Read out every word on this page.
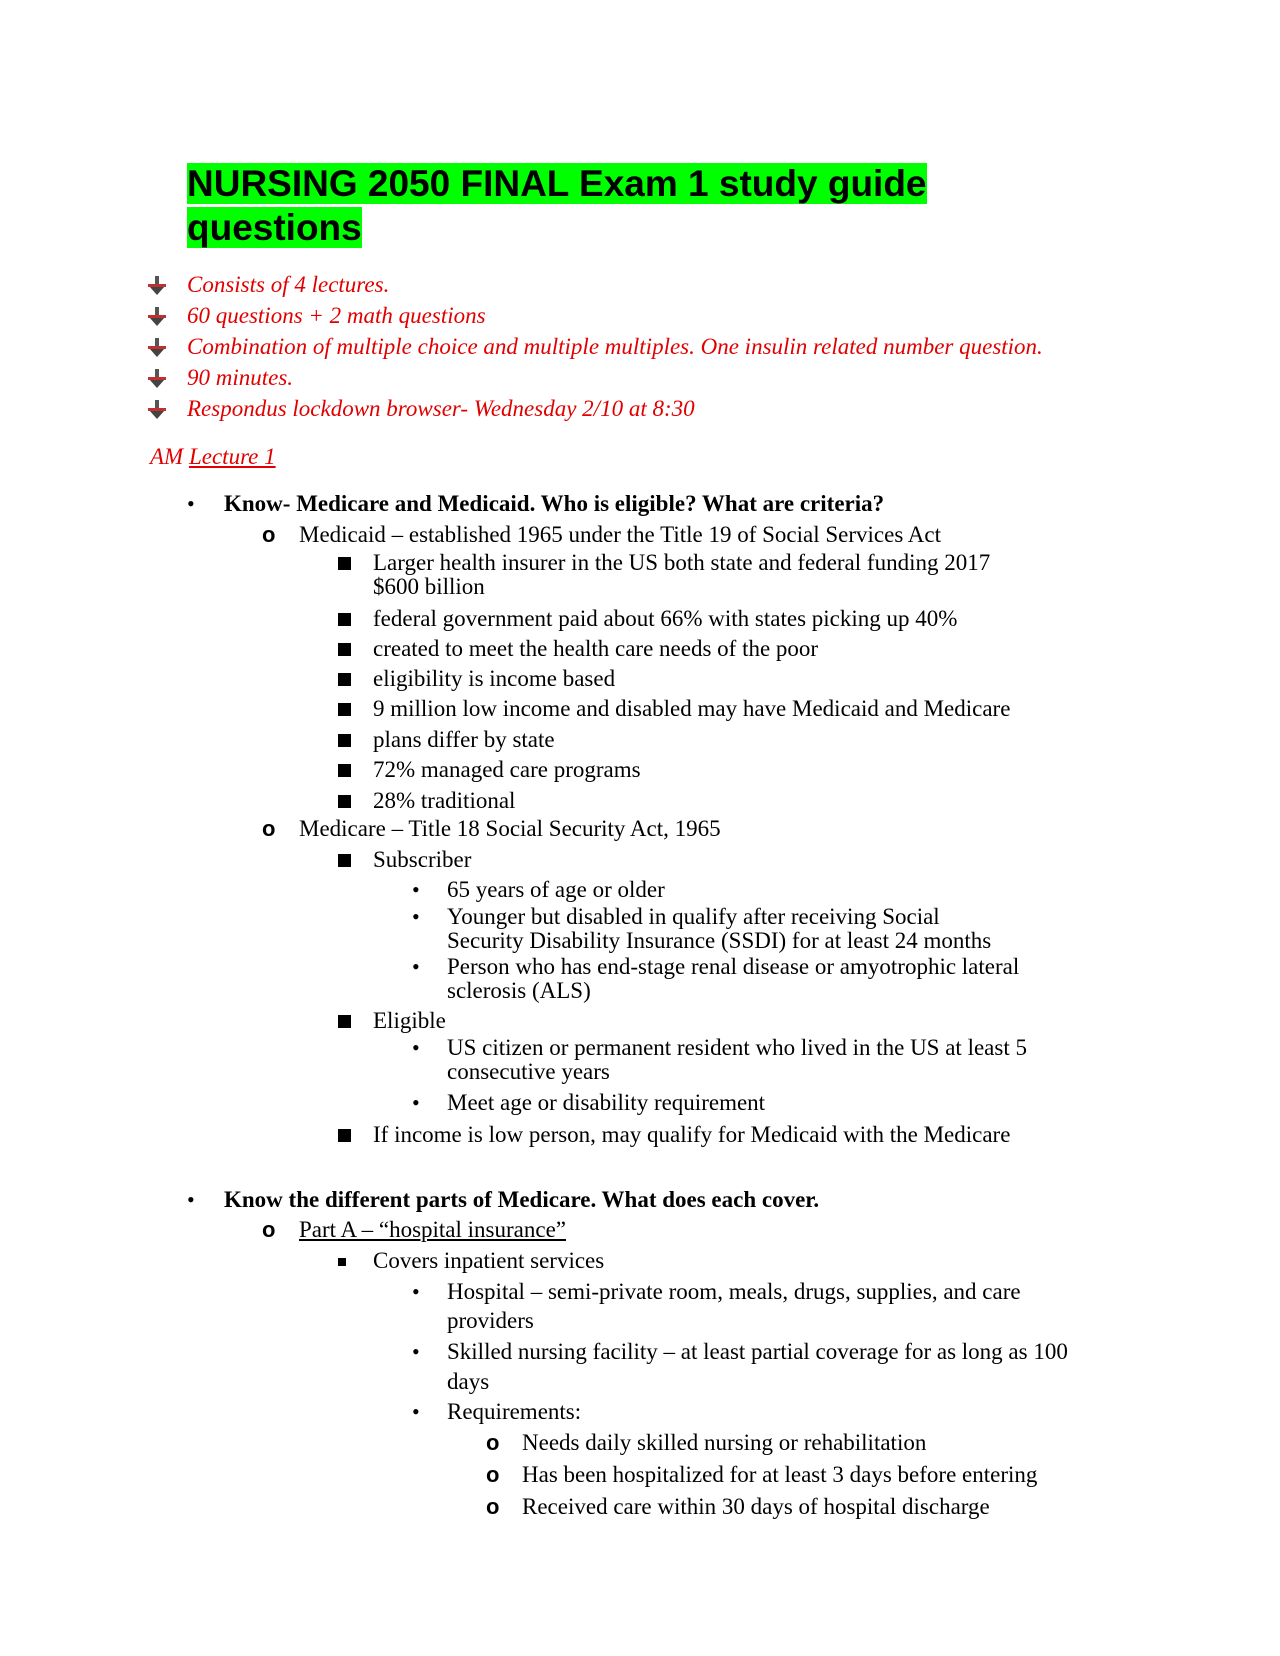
NURSING 2050 FINAL Exam 1 study guide
questions
Consists of 4 lectures.
60 questions + 2 math questions
Combination of multiple choice and multiple multiples. One insulin related number question.
90 minutes.
Respondus lockdown browser- Wednesday 2/10 at 8:30
AM Lecture 1
• Know- Medicare and Medicaid. Who is eligible? What are criteria?
o Medicaid – established 1965 under the Title 19 of Social Services Act
Larger health insurer in the US both state and federal funding 2017
$600 billion
federal government paid about 66% with states picking up 40%
created to meet the health care needs of the poor
eligibility is income based
9 million low income and disabled may have Medicaid and Medicare
plans differ by state
72% managed care programs
28% traditional
o Medicare – Title 18 Social Security Act, 1965
Subscriber
• 65 years of age or older
• Younger but disabled in qualify after receiving Social
Security Disability Insurance (SSDI) for at least 24 months
• Person who has end-stage renal disease or amyotrophic lateral
sclerosis (ALS)
Eligible
• US citizen or permanent resident who lived in the US at least 5
consecutive years
• Meet age or disability requirement
If income is low person, may qualify for Medicaid with the Medicare
• Know the different parts of Medicare. What does each cover.
o Part A – “hospital insurance”
Covers inpatient services
• Hospital – semi-private room, meals, drugs, supplies, and care
providers
• Skilled nursing facility – at least partial coverage for as long as 100
days
• Requirements:
o Needs daily skilled nursing or rehabilitation
o Has been hospitalized for at least 3 days before entering
o Received care within 30 days of hospital discharge
